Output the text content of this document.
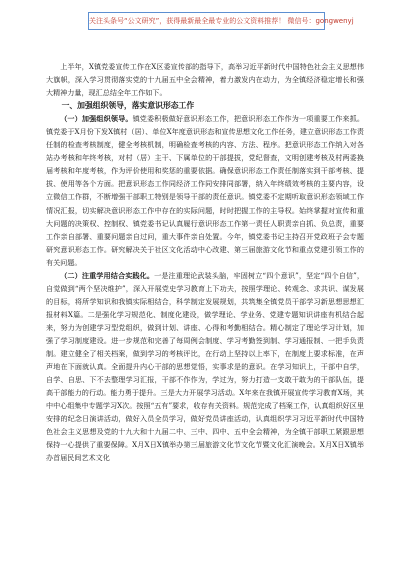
关注头条号“公文研究”，获得最新最全最专业的公文资料推荐！ 微信号：gongwenyj

上半年，X镇党委宣传工作在X区委宣传部的指导下，高举习近平新时代中国特色社会主义思想伟大旗帜，深入学习贯彻落实党的十九届五中全会精神，着力激发内在动力，为全镇经济稳定增长和强大精神力量，现汇总结全年工作如下。

一、加强组织领导，落实意识形态工作

（一）加强组织领导。镇党委积极做好意识形态工作，把意识形态工作作为一项重要工作来抓。镇党委于X月份下发X镇村（居）、单位X年度意识形态和宣传思想文化工作任务，建立意识形态工作责任制的检查考核制度，健全考核机制，明确检查考核的内容、方法、程序。把意识形态工作纳入对各站办考核和年终考核，对村（居）主干、下属单位的干部提拔，党纪督查，文明创建考核及村两委换届考核和年度考核，作为评价使用和奖惩的重要依据。确保意识形态工作责任制落实到干部考核、提拔、使用等各个方面。把意识形态工作同经济工作同安排同部署，纳入年终绩效考核的主要内容，设立微信工作群，不断增强干部职工特别是领导干部的责任意识。镇党委不定期听取意识形态领域工作情况汇报，切实解决意识形态工作中存在的实际问题，时时把握工作的主导权。始终掌握对宣传和重大问题的决策权、控制权、镇党委书记认真履行意识形态工作第一责任人职责亲自抓、负总责，重要工作亲自部署、重要问题亲自过问，重大事件亲自处置。今年，镇党委书记主持召开党政班子会专题研究意识形态工作。研究解决关于社区文化活动中心改建、第三届旅游文化节和重点党建引领工作的有关问题。

（二）注重学用结合实践化。一是注重理论武装头脑，牢固树立“四个意识”，坚定“四个自信”，自觉做到“两个坚决维护”，深入开展党史学习教育上下功夫，按照学理论、转观念、求共识、谋发展的目标，将所学知识和我镇实际相结合，科学制定发展规划，共筑集全镇党员干部学习新思想思想汇报材料X篇。二是强化学习规范化、制度化建设，做学理论、学业务、党建专题知识讲座有机结合起来，努力为创建学习型党组织，做到计划、讲座、心得和考勤相结合。精心制定了理论学习计划，加强了学习制度建设。进一步规范和完善了每周例会制度、学习考勤签到制、学习通报制、一把手负责制。建立健全了相关档案，做到学习的考核评比，在行动上坚持以上率下，在制度上要求标准，在声声地在下面就认真。全面提升内心干部的思想觉悟，实事求是的意识。在学习知识上，干部中自学，自学、自思、下不去整理学习汇报，干部不作作为，学过为，努力打造一支敢干敢为的干部队伍，提高干部能力的行动。能力勇于提升。三是大力开展学习活动。X年来在我镇开展宣传学习教育X场，其中中心组集中专题学习X次。按照“五有”要求，收存有关资料。规范完成了档案工作，认真组织好区里安排的纪念日演讲活动，做好入员全员学习，做好党员讲座活动，认真组织学习习近平新时代中国特色社会主义思想及党的十九大和十九届二中、三中、四中、五中全会精神，为全镇干部职工紧跟思想保持一心提供了重要保障。X月X日X镇举办第三届旅游文化节文化节暨文化汇演晚会。X月X日X镇举办首届民间艺术文化
